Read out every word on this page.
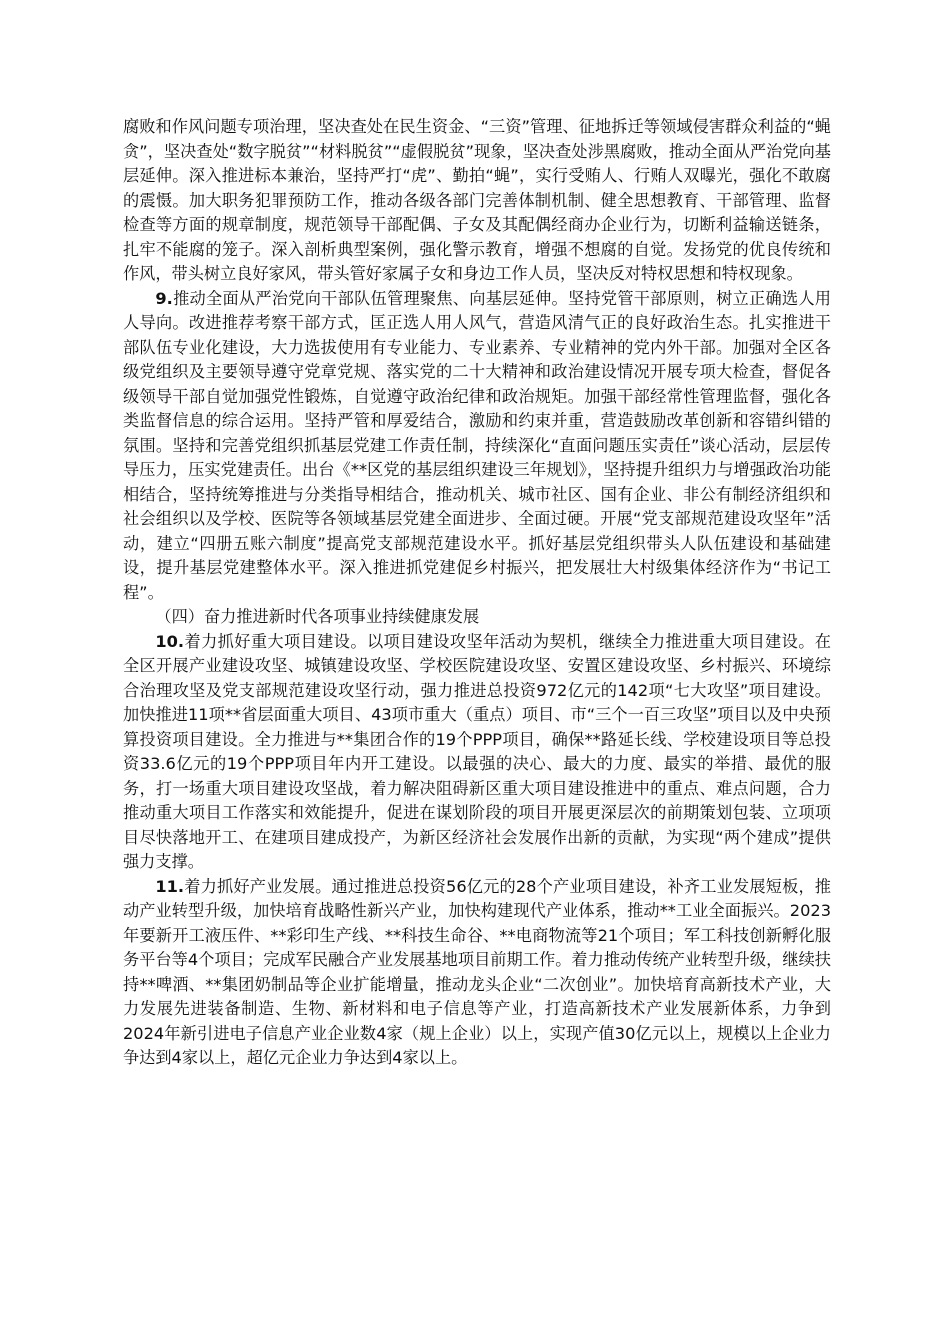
腐败和作风问题专项治理，坚决查处在民生资金、“三资”管理、征地拆迁等领域侵害群众利益的“蝇贪”，坚决查处“数字脱贫”“材料脱贫”“虚假脱贫”现象，坚决查处涉黑腐败，推动全面从严治党向基层延伸。深入推进标本兼治，坚持严打“虎”、勤拍“蝇”，实行受贿人、行贿人双曝光，强化不敢腐的震慑。加大职务犯罪预防工作，推动各级各部门完善体制机制、健全思想教育、干部管理、监督检查等方面的规章制度，规范领导干部配偶、子女及其配偶经商办企业行为，切断利益输送链条，扎牢不能腐的笼子。深入剖析典型案例，强化警示教育，增强不想腐的自觉。发扬党的优良传统和作风，带头树立良好家风，带头管好家属子女和身边工作人员，坚决反对特权思想和特权现象。

9.推动全面从严治党向干部队伍管理聚焦、向基层延伸。坚持党管干部原则，树立正确选人用人导向。改进推荐考察干部方式，匡正选人用人风气，营造风清气正的良好政治生态。扎实推进干部队伍专业化建设，大力选拔使用有专业能力、专业素养、专业精神的党内外干部。加强对全区各级党组织及主要领导遵守党章党规、落实党的二十大精神和政治建设情况开展专项大检查，督促各级领导干部自觉加强党性锻炼，自觉遵守政治纪律和政治规矩。加强干部经常性管理监督，强化各类监督信息的综合运用。坚持严管和厚爱结合，激励和约束并重，营造鼓励改革创新和容错纠错的氛围。坚持和完善党组织抓基层党建工作责任制，持续深化“直面问题压实责任”谈心活动，层层传导压力，压实党建责任。出台《**区党的基层组织建设三年规划》，坚持提升组织力与增强政治功能相结合，坚持统筹推进与分类指导相结合，推动机关、城市社区、国有企业、非公有制经济组织和社会组织以及学校、医院等各领域基层党建全面进步、全面过硬。开展“党支部规范建设攻坚年”活动，建立“四册五账六制度”提高党支部规范建设水平。抓好基层党组织带头人队伍建设和基础建设，提升基层党建整体水平。深入推进抓党建促乡村振兴，把发展壮大村级集体经济作为“书记工程”。

（四）奋力推进新时代各项事业持续健康发展

10.着力抓好重大项目建设。以项目建设攻坚年活动为契机，继续全力推进重大项目建设。在全区开展产业建设攻坚、城镇建设攻坚、学校医院建设攻坚、安置区建设攻坚、乡村振兴、环境综合治理攻坚及党支部规范建设攻坚行动，强力推进总投资972亿元的142项“七大攻坚”项目建设。加快推进11项**省层面重大项目、43项市重大（重点）项目、市“三个一百三攻坚”项目以及中央预算投资项目建设。全力推进与**集团合作的19个PPP项目，确保**路延长线、学校建设项目等总投资33.6亿元的19个PPP项目年内开工建设。以最强的决心、最大的力度、最实的举措、最优的服务，打一场重大项目建设攻坚战，着力解决阻碍新区重大项目建设推进中的重点、难点问题，合力推动重大项目工作落实和效能提升，促进在谋划阶段的项目开展更深层次的前期策划包装、立项项目尽快落地开工、在建项目建成投产，为新区经济社会发展作出新的贡献，为实现“两个建成”提供强力支撑。

11.着力抓好产业发展。通过推进总投资56亿元的28个产业项目建设，补齐工业发展短板，推动产业转型升级，加快培育战略性新兴产业，加快构建现代产业体系，推动**工业全面振兴。2023年要新开工液压件、**彩印生产线、**科技生命谷、**电商物流等21个项目；军工科技创新孵化服务平台等4个项目；完成军民融合产业发展基地项目前期工作。着力推动传统产业转型升级，继续扶持**啤酒、**集团奶制品等企业扩能增量，推动龙头企业“二次创业”。加快培育高新技术产业，大力发展先进装备制造、生物、新材料和电子信息等产业，打造高新技术产业发展新体系，力争到2024年新引进电子信息产业企业数4家（规上企业）以上，实现产值30亿元以上，规模以上企业力争达到4家以上，超亿元企业力争达到4家以上。
